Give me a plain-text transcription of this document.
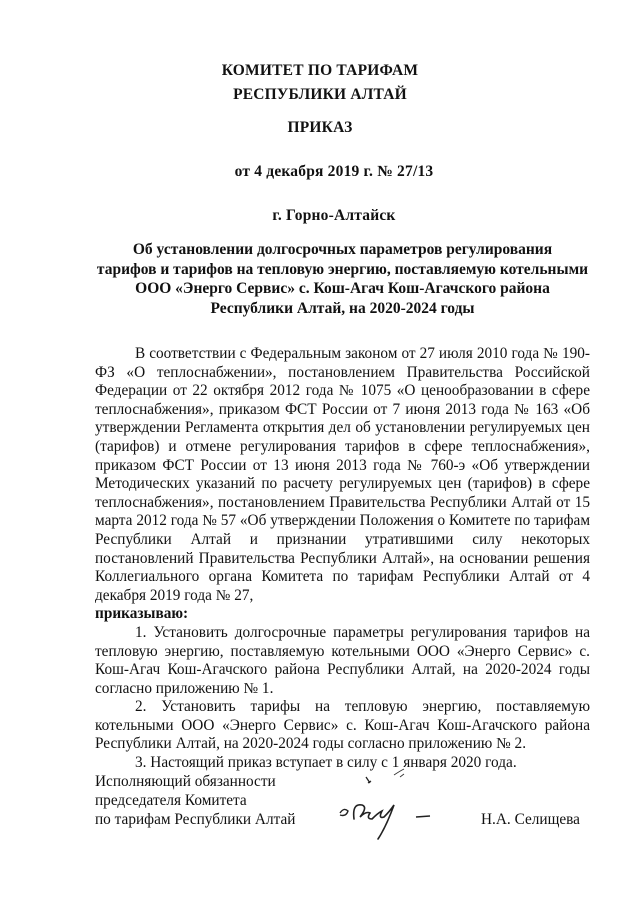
КОМИТЕТ ПО ТАРИФАМ
РЕСПУБЛИКИ АЛТАЙ
ПРИКАЗ
от 4 декабря 2019 г. № 27/13
г. Горно-Алтайск
Об установлении долгосрочных параметров регулирования
тарифов и тарифов на тепловую энергию, поставляемую котельными
ООО «Энерго Сервис» с. Кош-Агач Кош-Агачского района
Республики Алтай, на 2020-2024 годы

В соответствии с Федеральным законом от 27 июля 2010 года № 190-ФЗ «О теплоснабжении», постановлением Правительства Российской Федерации от 22 октября 2012 года № 1075 «О ценообразовании в сфере теплоснабжения», приказом ФСТ России от 7 июня 2013 года № 163 «Об утверждении Регламента открытия дел об установлении регулируемых цен (тарифов) и отмене регулирования тарифов в сфере теплоснабжения», приказом ФСТ России от 13 июня 2013 года № 760-э «Об утверждении Методических указаний по расчету регулируемых цен (тарифов) в сфере теплоснабжения», постановлением Правительства Республики Алтай от 15 марта 2012 года № 57 «Об утверждении Положения о Комитете по тарифам Республики Алтай и признании утратившими силу некоторых постановлений Правительства Республики Алтай», на основании решения Коллегиального органа Комитета по тарифам Республики Алтай от 4 декабря 2019 года № 27,

приказываю:

1. Установить долгосрочные параметры регулирования тарифов на тепловую энергию, поставляемую котельными ООО «Энерго Сервис» с. Кош-Агач Кош-Агачского района Республики Алтай, на 2020-2024 годы согласно приложению № 1.

2. Установить тарифы на тепловую энергию, поставляемую котельными ООО «Энерго Сервис» с. Кош-Агач Кош-Агачского района Республики Алтай, на 2020-2024 годы согласно приложению № 2.

3. Настоящий приказ вступает в силу с 1 января 2020 года.

Исполняющий обязанности
председателя Комитета
по тарифам Республики Алтай	Н.А. Селищева
